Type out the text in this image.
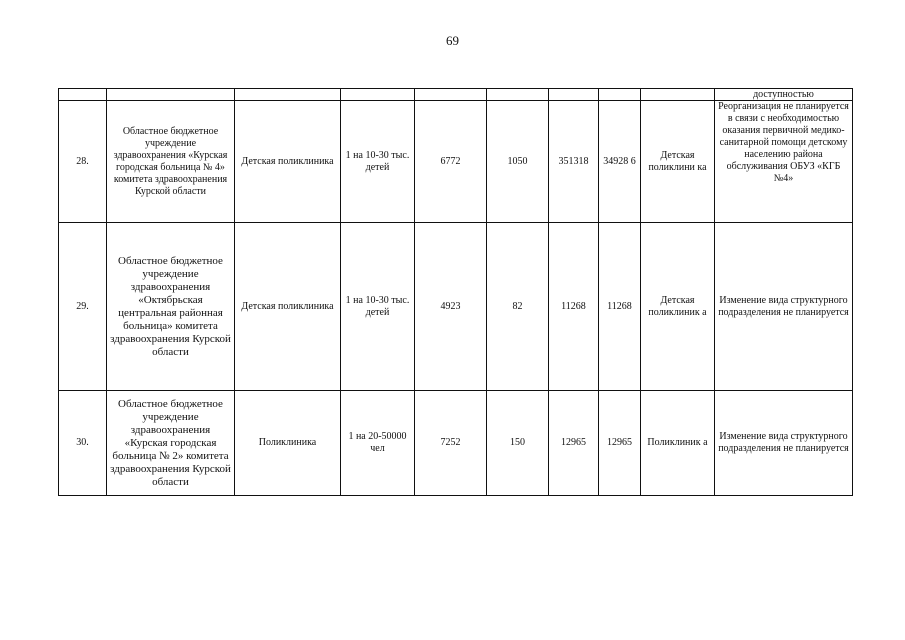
69
									доступностью
28.	Областное бюджетное учреждение здравоохранения «Курская городская больница № 4» комитета здравоохранения Курской области	Детская поликлиника	1 на 10-30 тыс. детей	6772	1050	351318	34928 6	Детская поликлини ка	Реорганизация не планируется в связи с необходимостью оказания первичной медико-санитарной помощи детскому населению района обслуживания ОБУЗ «КГБ №4»
29.	Областное бюджетное учреждение здравоохранения «Октябрьская центральная районная больница» комитета здравоохранения Курской области	Детская поликлиника	1 на 10-30 тыс. детей	4923	82	11268	11268	Детская поликлиник а	Изменение вида структурного подразделения не планируется
30.	Областное бюджетное учреждение здравоохранения «Курская городская больница № 2» комитета здравоохранения Курской области	Поликлиника	1 на 20-50000 чел	7252	150	12965	12965	Поликлиник а	Изменение вида структурного подразделения не планируется
